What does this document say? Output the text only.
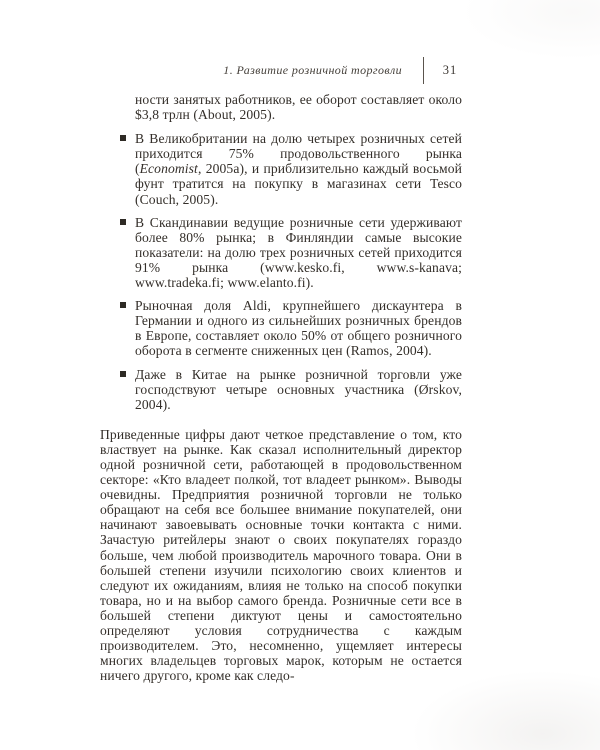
1. Развитие розничной торговли	31

ности занятых работников, ее оборот составляет около $3,8 трлн (About, 2005).

В Великобритании на долю четырех розничных сетей приходится 75% продовольственного рынка (Economist, 2005a), и приблизительно каждый восьмой фунт тратится на покупку в магазинах сети Tesco (Couch, 2005).
В Скандинавии ведущие розничные сети удерживают более 80% рынка; в Финляндии самые высокие показатели: на долю трех розничных сетей приходится 91% рынка (www.kesko.fi, www.s-kanava; www.tradeka.fi; www.elanto.fi).
Рыночная доля Aldi, крупнейшего дискаунтера в Германии и одного из сильнейших розничных брендов в Европе, составляет около 50% от общего розничного оборота в сегменте сниженных цен (Ramos, 2004).
Даже в Китае на рынке розничной торговли уже господствуют четыре основных участника (Ørskov, 2004).

Приведенные цифры дают четкое представление о том, кто властвует на рынке. Как сказал исполнительный директор одной розничной сети, работающей в продовольственном секторе: «Кто владеет полкой, тот владеет рынком». Выводы очевидны. Предприятия розничной торговли не только обращают на себя все большее внимание покупателей, они начинают завоевывать основные точки контакта с ними. Зачастую ритейлеры знают о своих покупателях гораздо больше, чем любой производитель марочного товара. Они в большей степени изучили психологию своих клиентов и следуют их ожиданиям, влияя не только на способ покупки товара, но и на выбор самого бренда. Розничные сети все в большей степени диктуют цены и самостоятельно определяют условия сотрудничества с каждым производителем. Это, несомненно, ущемляет интересы многих владельцев торговых марок, которым не остается ничего другого, кроме как следо-
